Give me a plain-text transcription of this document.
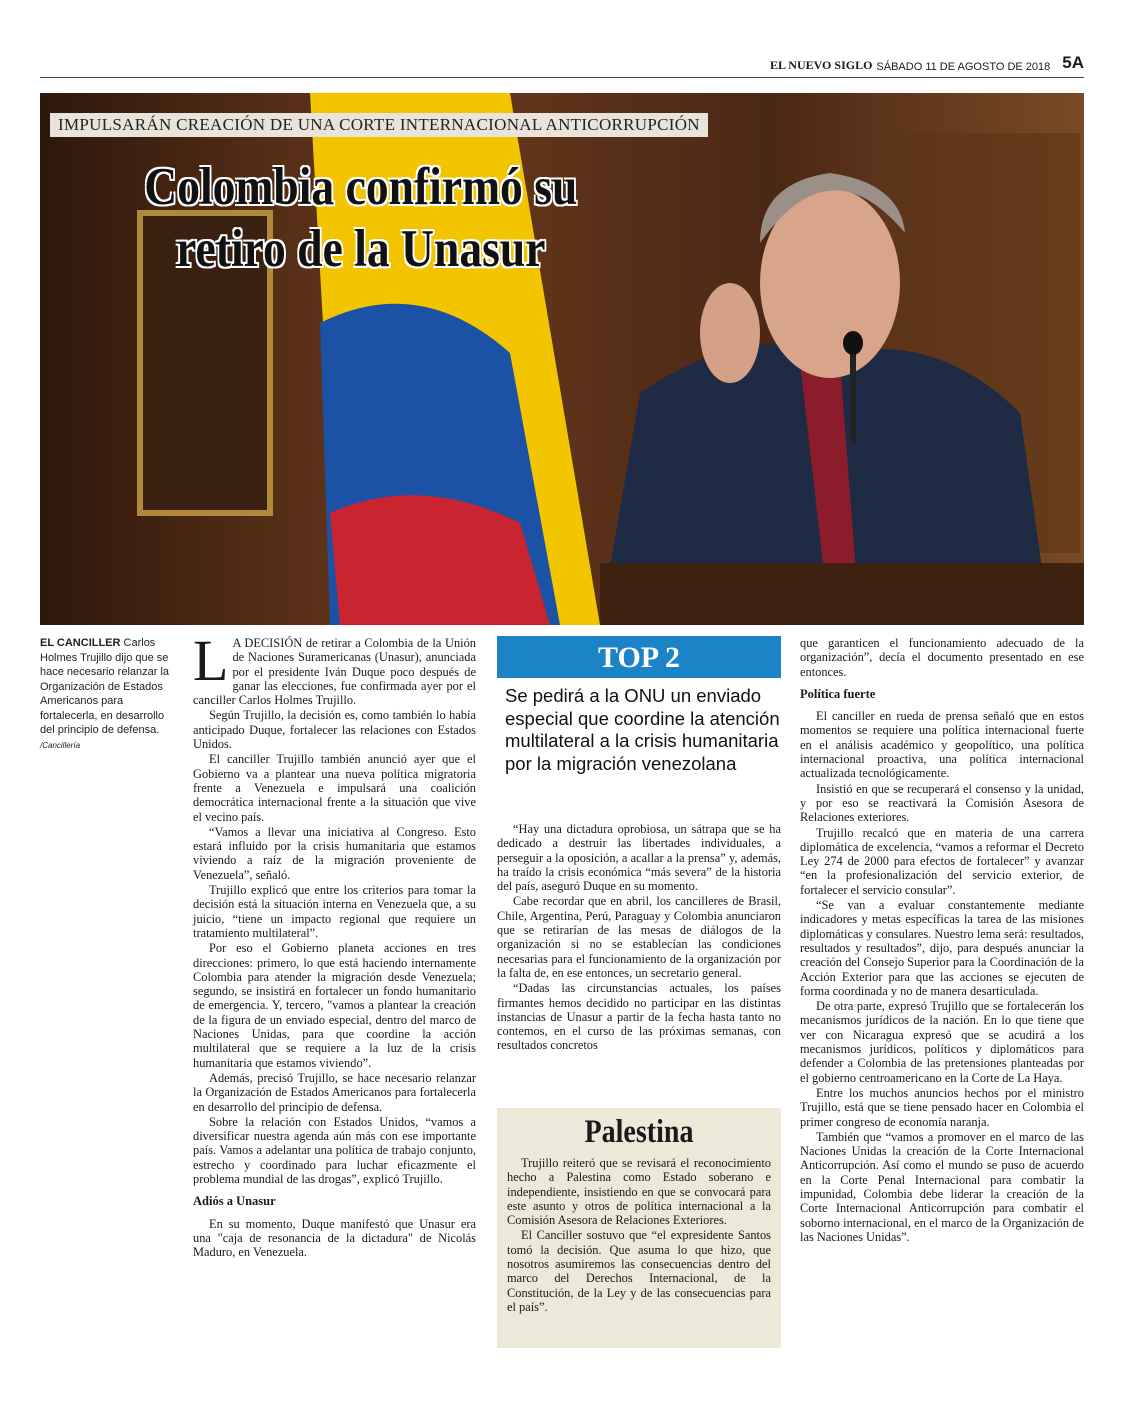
EL NUEVO SIGLO SÁBADO 11 DE AGOSTO DE 2018 5A
IMPULSARÁN CREACIÓN DE UNA CORTE INTERNACIONAL ANTICORRUPCIÓN
Colombia confirmó su retiro de la Unasur
EL CANCILLER Carlos Holmes Trujillo dijo que se hace necesario relanzar la Organización de Estados Americanos para fortalecerla, en desarrollo del principio de defensa. /Cancillería

L A DECISIÓN de retirar a Colombia de la Unión de Naciones Suramericanas (Unasur), anunciada por el presidente Iván Duque poco después de ganar las elecciones, fue confirmada ayer por el canciller Carlos Holmes Trujillo.

Según Trujillo, la decisión es, como también lo había anticipado Duque, fortalecer las relaciones con Estados Unidos.

El canciller Trujillo también anunció ayer que el Gobierno va a plantear una nueva política migratoria frente a Venezuela e impulsará una coalición democrática internacional frente a la situación que vive el vecino país.

“Vamos a llevar una iniciativa al Congreso. Esto estará influido por la crisis humanitaria que estamos viviendo a raíz de la migración proveniente de Venezuela”, señaló.

Trujillo explicó que entre los criterios para tomar la decisión está la situación interna en Venezuela que, a su juicio, “tiene un impacto regional que requiere un tratamiento multilateral”.

Por eso el Gobierno planeta acciones en tres direcciones: primero, lo que está haciendo internamente Colombia para atender la migración desde Venezuela; segundo, se insistirá en fortalecer un fondo humanitario de emergencia. Y, tercero, "vamos a plantear la creación de la figura de un enviado especial, dentro del marco de Naciones Unidas, para que coordine la acción multilateral que se requiere a la luz de la crisis humanitaria que estamos viviendo”.

Además, precisó Trujillo, se hace necesario relanzar la Organización de Estados Americanos para fortalecerla en desarrollo del principio de defensa.

Sobre la relación con Estados Unidos, “vamos a diversificar nuestra agenda aún más con ese importante país. Vamos a adelantar una política de trabajo conjunto, estrecho y coordinado para luchar eficazmente el problema mundial de las drogas”, explicó Trujillo.

Adiós a Unasur

En su momento, Duque manifestó que Unasur era una "caja de resonancia de la dictadura" de Nicolás Maduro, en Venezuela.

TOP 2
Se pedirá a la ONU un enviado especial que coordine la atención multilateral a la crisis humanitaria por la migración venezolana

“Hay una dictadura oprobiosa, un sátrapa que se ha dedicado a destruir las libertades individuales, a perseguir a la oposición, a acallar a la prensa” y, además, ha traído la crisis económica “más severa” de la historia del país, aseguró Duque en su momento.

Cabe recordar que en abril, los cancilleres de Brasil, Chile, Argentina, Perú, Paraguay y Colombia anunciaron que se retirarían de las mesas de diálogos de la organización si no se establecían las condiciones necesarias para el funcionamiento de la organización por la falta de, en ese entonces, un secretario general.

“Dadas las circunstancias actuales, los países firmantes hemos decidido no participar en las distintas instancias de Unasur a partir de la fecha hasta tanto no contemos, en el curso de las próximas semanas, con resultados concretos

Palestina

Trujillo reiteró que se revisará el reconocimiento hecho a Palestina como Estado soberano e independiente, insistiendo en que se convocará para este asunto y otros de política internacional a la Comisión Asesora de Relaciones Exteriores.

El Canciller sostuvo que “el expresidente Santos tomó la decisión. Que asuma lo que hizo, que nosotros asumiremos las consecuencias dentro del marco del Derechos Internacional, de la Constitución, de la Ley y de las consecuencias para el país”.

que garanticen el funcionamiento adecuado de la organización”, decía el documento presentado en ese entonces.

Política fuerte

El canciller en rueda de prensa señaló que en estos momentos se requiere una política internacional fuerte en el análisis académico y geopolítico, una política internacional proactiva, una política internacional actualizada tecnológicamente.

Insistió en que se recuperará el consenso y la unidad, y por eso se reactivará la Comisión Asesora de Relaciones exteriores.

Trujillo recalcó que en materia de una carrera diplomática de excelencia, “vamos a reformar el Decreto Ley 274 de 2000 para efectos de fortalecer” y avanzar “en la profesionalización del servicio exterior, de fortalecer el servicio consular”.

“Se van a evaluar constantemente mediante indicadores y metas específicas la tarea de las misiones diplomáticas y consulares. Nuestro lema será: resultados, resultados y resultados”, dijo, para después anunciar la creación del Consejo Superior para la Coordinación de la Acción Exterior para que las acciones se ejecuten de forma coordinada y no de manera desarticulada.

De otra parte, expresó Trujillo que se fortalecerán los mecanismos jurídicos de la nación. En lo que tiene que ver con Nicaragua expresó que se acudirá a los mecanismos jurídicos, políticos y diplomáticos para defender a Colombia de las pretensiones planteadas por el gobierno centroamericano en la Corte de La Haya.

Entre los muchos anuncios hechos por el ministro Trujillo, está que se tiene pensado hacer en Colombia el primer congreso de economía naranja.

También que “vamos a promover en el marco de las Naciones Unidas la creación de la Corte Internacional Anticorrupción. Así como el mundo se puso de acuerdo en la Corte Penal Internacional para combatir la impunidad, Colombia debe liderar la creación de la Corte Internacional Anticorrupción para combatir el soborno internacional, en el marco de la Organización de las Naciones Unidas”.
